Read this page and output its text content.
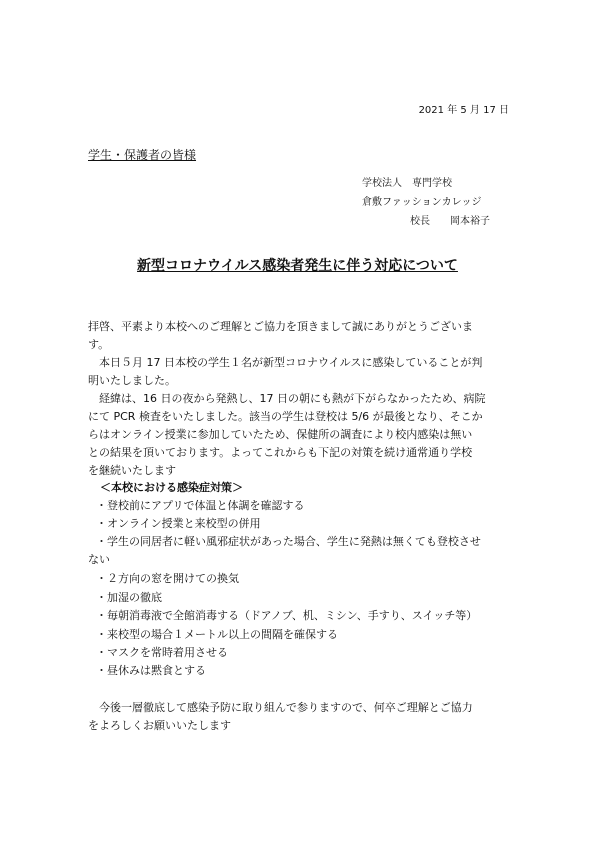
2021 年 5 月 17 日

学生・保護者の皆様

学校法人　専門学校

倉敷ファッションカレッジ

校長　　岡本裕子

新型コロナウイルス感染者発生に伴う対応について

拝啓、平素より本校へのご理解とご協力を頂きまして誠にありがとうございま

す。

　本日５月 17 日本校の学生１名が新型コロナウイルスに感染していることが判

明いたしました。

　経緯は、16 日の夜から発熱し、17 日の朝にも熱が下がらなかったため、病院

にて PCR 検査をいたしました。該当の学生は登校は 5/6 が最後となり、そこか

らはオンライン授業に参加していたため、保健所の調査により校内感染は無い

との結果を頂いております。よってこれからも下記の対策を続け通常通り学校

を継続いたします

＜本校における感染症対策＞

・登校前にアプリで体温と体調を確認する

・オンライン授業と来校型の併用

・学生の同居者に軽い風邪症状があった場合、学生に発熱は無くても登校させ

ない

・２方向の窓を開けての換気

・加湿の徹底

・毎朝消毒液で全館消毒する（ドアノブ、机、ミシン、手すり、スイッチ等）

・来校型の場合１メートル以上の間隔を確保する

・マスクを常時着用させる

・昼休みは黙食とする

　今後一層徹底して感染予防に取り組んで参りますので、何卒ご理解とご協力

をよろしくお願いいたします
